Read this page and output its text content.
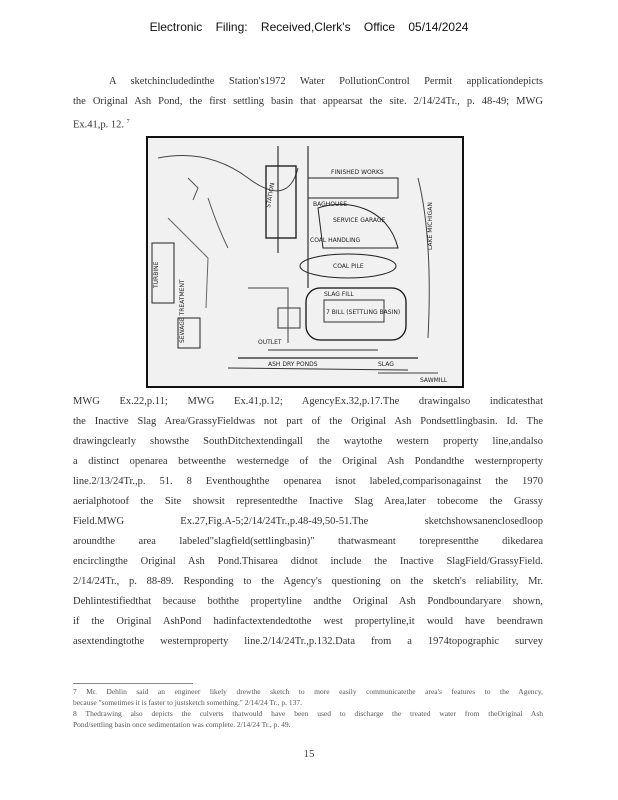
Electronic Filing: Received,Clerk's Office 05/14/2024
A sketchincludedinthe Station's1972 Water PollutionControl Permit applicationdepicts
the Original Ash Pond, the first settling basin that appearsat the site. 2/14/24Tr., p. 48-49; MWG
Ex.41,p. 12. $^7$
FINISHED WORKS
STATION	BAGHOUSE
SERVICE GARAGE
COAL PILE
LAKE MICHIGAN
TURBINE
COAL HANDLING
SLAG FILL
7 BILL (SETTLING BASIN)
SEWAGE TREATMENT
SLAG
SAWMILL
ASH DRY PONDS
OUTLET
MWG Ex.22,p.11; MWG Ex.41,p.12; AgencyEx.32,p.17.The drawingalso indicatesthat
the Inactive Slag Area/GrassyFieldwas not part of the Original Ash Pondsettlingbasin. Id. The
drawingclearly showsthe SouthDitchextendingall the waytothe western property line,andalso
a distinct openarea betweenthe westernedge of the Original Ash Pondandthe westernproperty
line.2/13/24Tr.,p. 51. 8 Eventhoughthe openarea isnot labeled,comparisonagainst the 1970
aerialphotoof the Site showsit representedthe Inactive Slag Area,later tobecome the Grassy
Field.MWG Ex.27,Fig.A-5;2/14/24Tr.,p.48-49,50-51.The sketchshowsanenclosedloop
aroundthe area labeled"slagfield(settlingbasin)" thatwasmeant torepresentthe dikedarea
encirclingthe Original Ash Pond.Thisarea didnot include the Inactive SlagField/GrassyField.
2/14/24Tr., p. 88-89. Responding to the Agency's questioning on the sketch's reliability, Mr.
Dehlintestifiedthat because boththe propertyline andthe Original Ash Pondboundaryare shown,
if the Original AshPond hadinfactextendedtothe west propertyline,it would have beendrawn
asextendingtothe westernproperty line.2/14/24Tr.,p.132.Data from a 1974topographic survey
7 Mr. Dehlin said an engineer likely drewthe sketch to more easily communicatethe area's features to the Agency,
because "sometimes it is faster to justsketch something." 2/14/24 Tr., p. 137.
8 Thedrawing also depicts the culverts thatwould have been used to discharge the treated water from theOriginal Ash
Pond/settling basin once sedimentation was complete. 2/14/24 Tr., p. 49.
15
